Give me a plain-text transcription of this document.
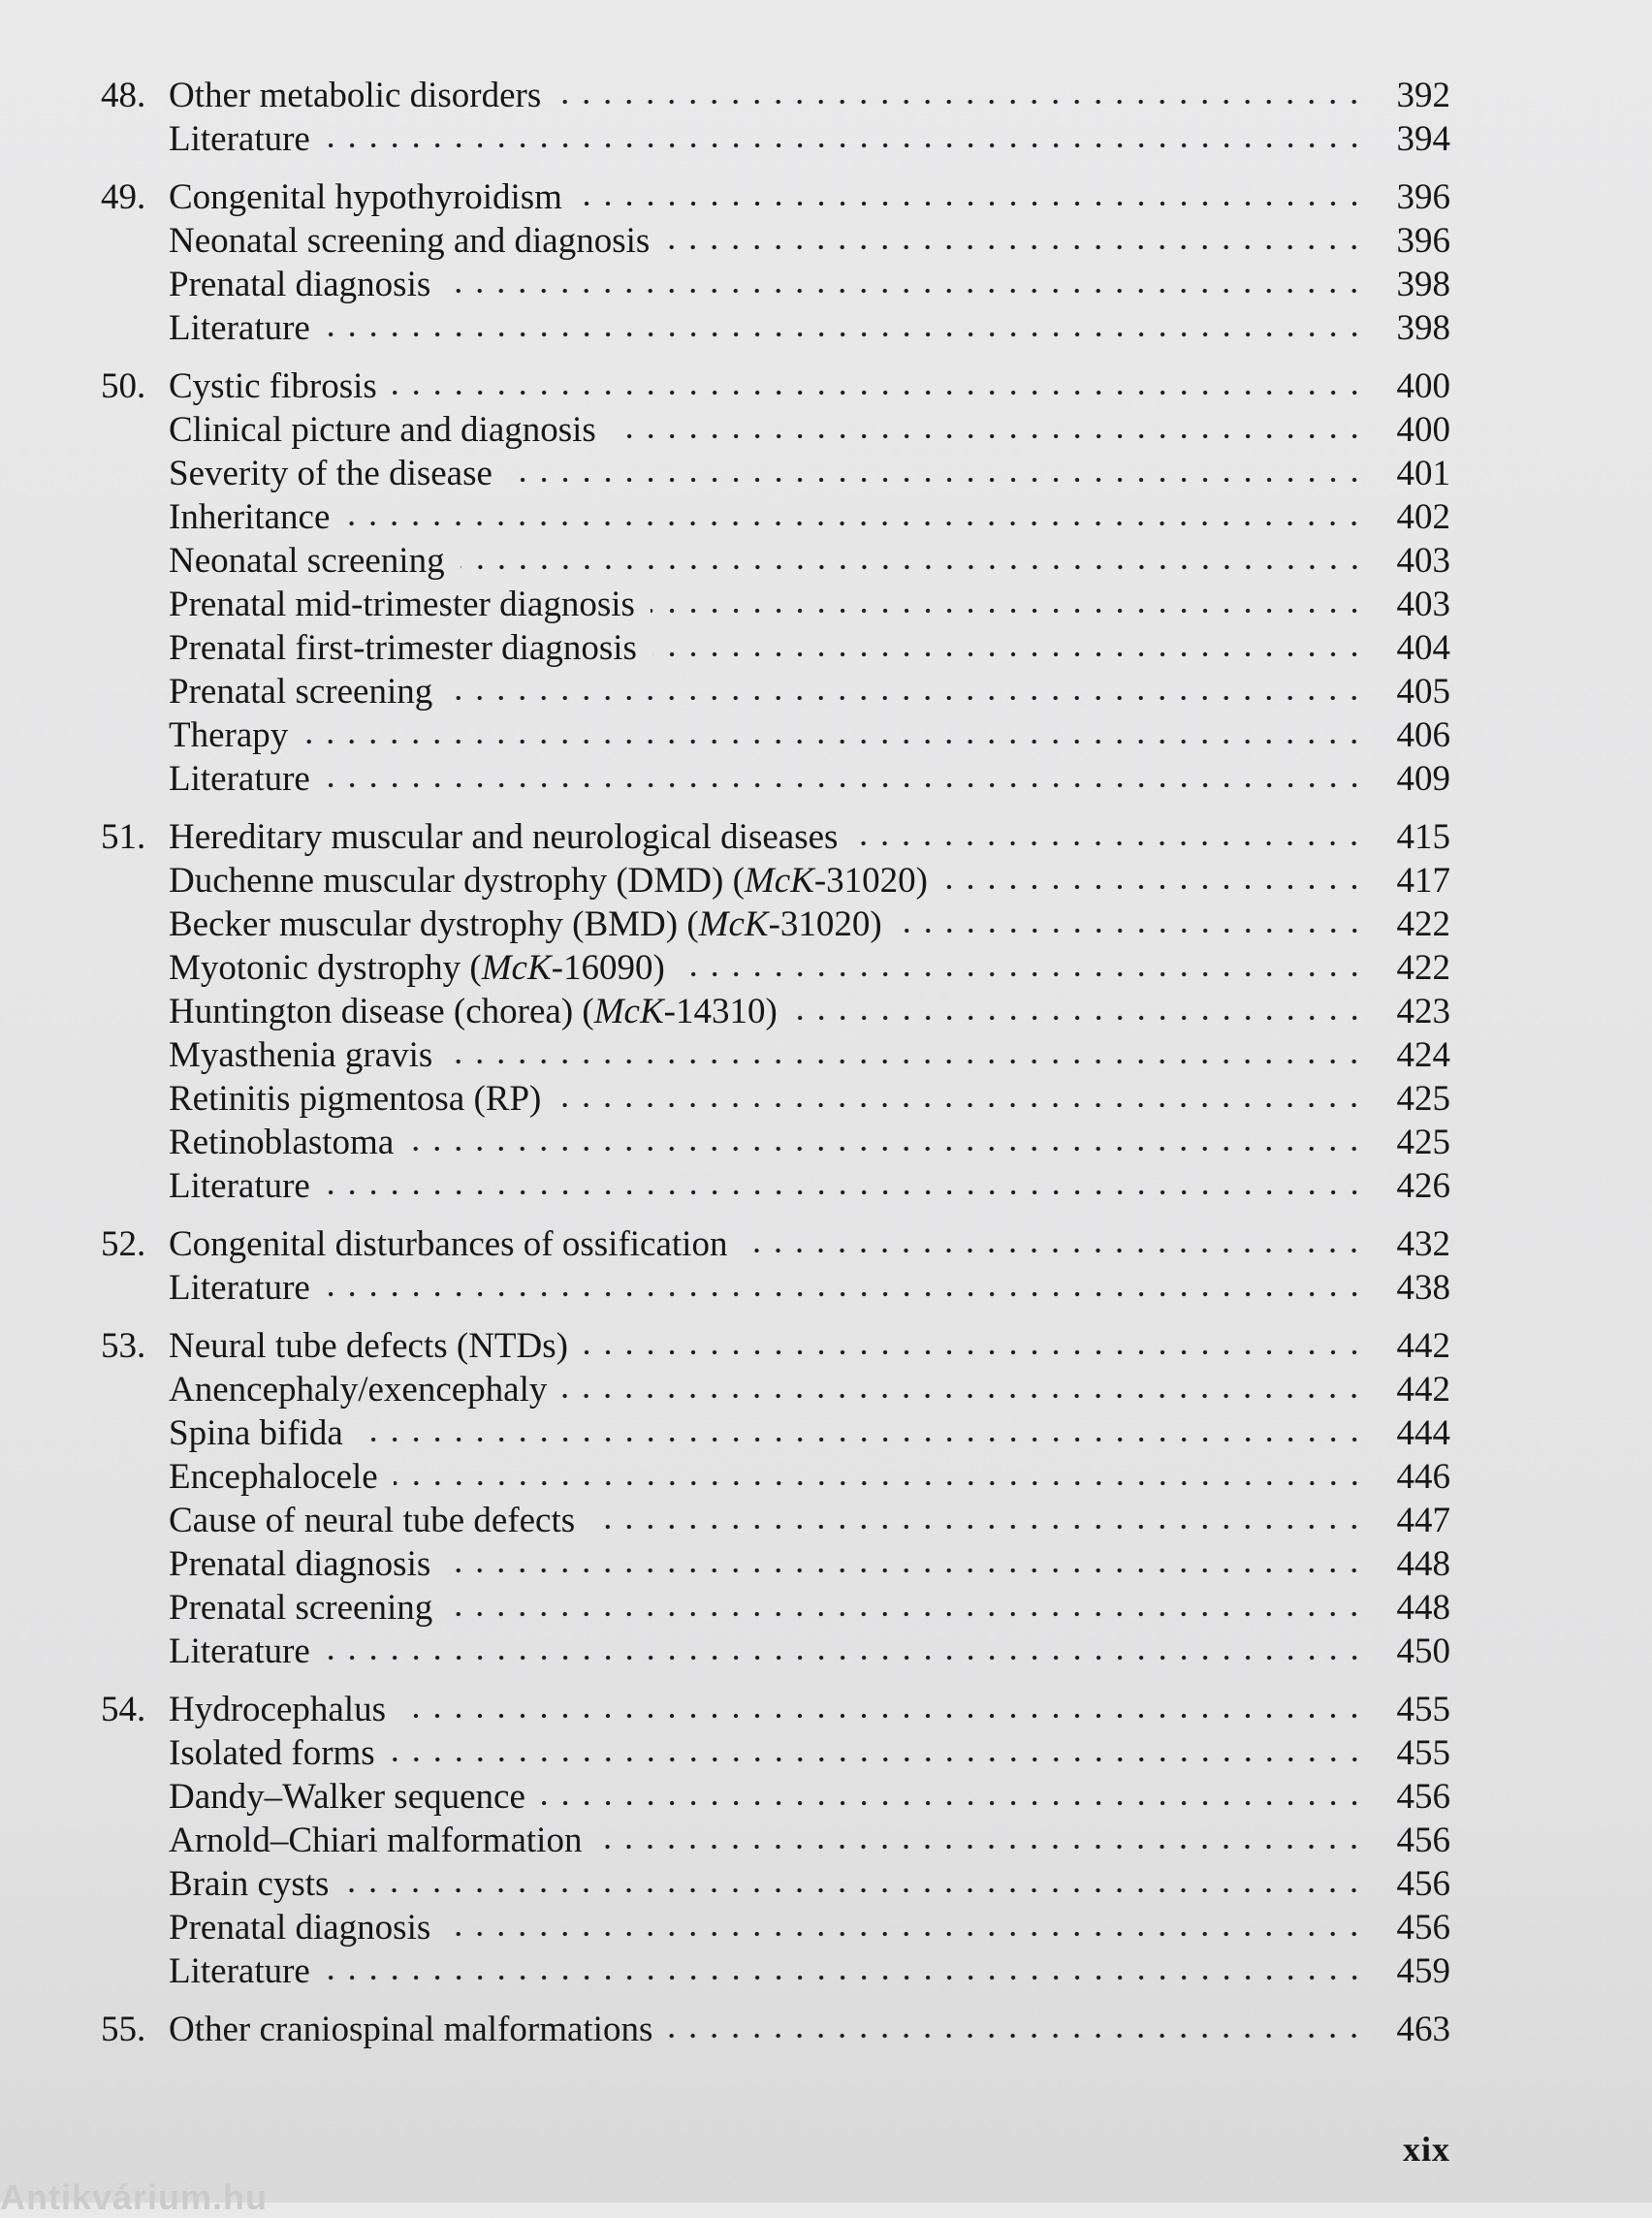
48. Other metabolic disorders	392
Literature	394
49. Congenital hypothyroidism	396
Neonatal screening and diagnosis	396
Prenatal diagnosis	398
Literature	398
50. Cystic fibrosis	400
Clinical picture and diagnosis	400
Severity of the disease	401
Inheritance	402
Neonatal screening	403
Prenatal mid-trimester diagnosis	403
Prenatal first-trimester diagnosis	404
Prenatal screening	405
Therapy	406
Literature	409
51. Hereditary muscular and neurological diseases	415
Duchenne muscular dystrophy (DMD) (McK-31020)	417
Becker muscular dystrophy (BMD) (McK-31020)	422
Myotonic dystrophy (McK-16090)	422
Huntington disease (chorea) (McK-14310)	423
Myasthenia gravis	424
Retinitis pigmentosa (RP)	425
Retinoblastoma	425
Literature	426
52. Congenital disturbances of ossification	432
Literature	438
53. Neural tube defects (NTDs)	442
Anencephaly/exencephaly	442
Spina bifida	444
Encephalocele	446
Cause of neural tube defects	447
Prenatal diagnosis	448
Prenatal screening	448
Literature	450
54. Hydrocephalus	455
Isolated forms	455
Dandy–Walker sequence	456
Arnold–Chiari malformation	456
Brain cysts	456
Prenatal diagnosis	456
Literature	459
55. Other craniospinal malformations	463
xix
Antikvárium.hu
